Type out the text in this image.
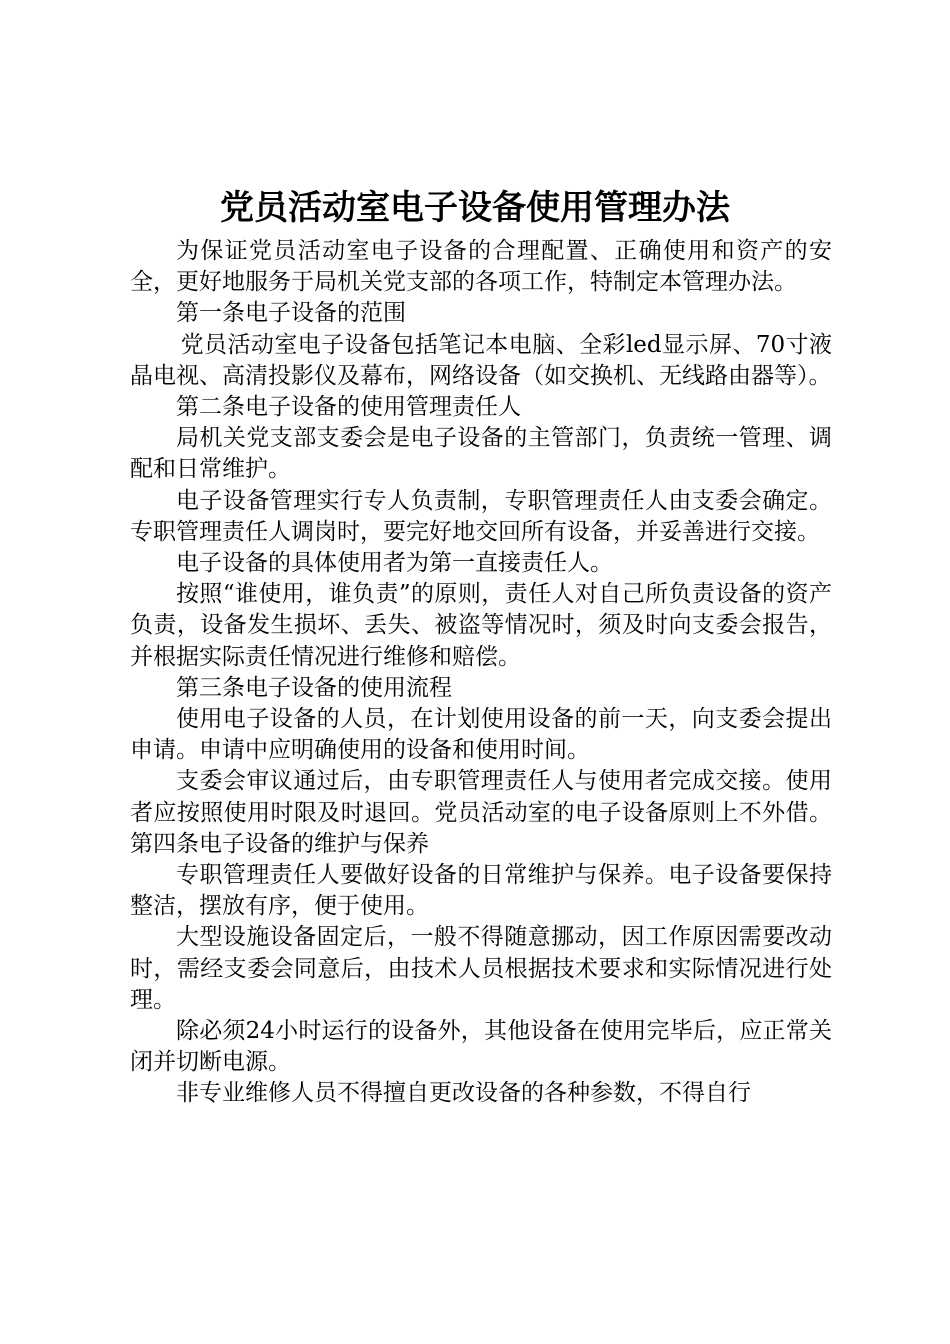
党员活动室电子设备使用管理办法

为保证党员活动室电子设备的合理配置、正确使用和资产的安全，更好地服务于局机关党支部的各项工作，特制定本管理办法。

第一条电子设备的范围

党员活动室电子设备包括笔记本电脑、全彩led显示屏、70寸液晶电视、高清投影仪及幕布，网络设备（如交换机、无线路由器等）。

第二条电子设备的使用管理责任人

局机关党支部支委会是电子设备的主管部门，负责统一管理、调配和日常维护。

电子设备管理实行专人负责制，专职管理责任人由支委会确定。专职管理责任人调岗时，要完好地交回所有设备，并妥善进行交接。

电子设备的具体使用者为第一直接责任人。

按照“谁使用，谁负责”的原则，责任人对自己所负责设备的资产负责，设备发生损坏、丢失、被盗等情况时，须及时向支委会报告，并根据实际责任情况进行维修和赔偿。

第三条电子设备的使用流程

使用电子设备的人员，在计划使用设备的前一天，向支委会提出申请。申请中应明确使用的设备和使用时间。

支委会审议通过后，由专职管理责任人与使用者完成交接。使用者应按照使用时限及时退回。党员活动室的电子设备原则上不外借。第四条电子设备的维护与保养

专职管理责任人要做好设备的日常维护与保养。电子设备要保持整洁，摆放有序，便于使用。

大型设施设备固定后，一般不得随意挪动，因工作原因需要改动时，需经支委会同意后，由技术人员根据技术要求和实际情况进行处理。

除必须24小时运行的设备外，其他设备在使用完毕后，应正常关闭并切断电源。

非专业维修人员不得擅自更改设备的各种参数，不得自行
